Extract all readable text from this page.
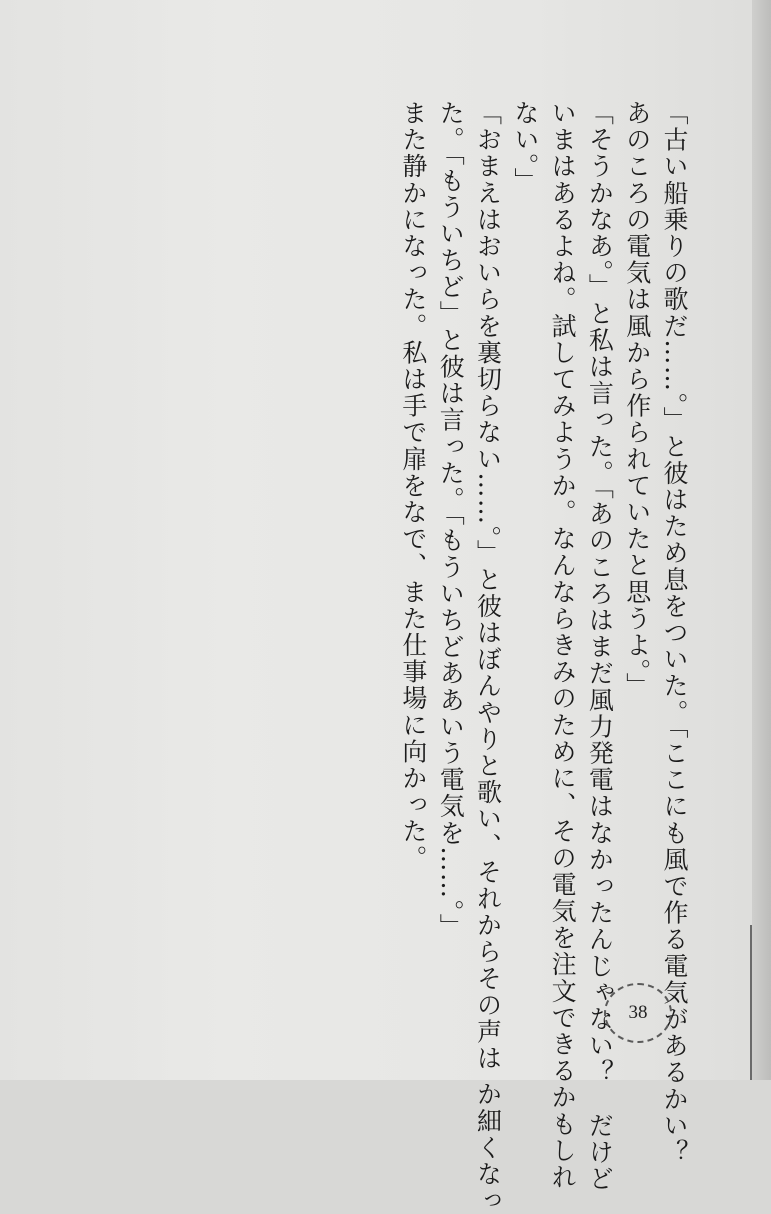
「古い船乗りの歌だ……。」と彼はため息をついた。「ここにも風で作る電気があるかい？

あのころの電気は風から作られていたと思うよ。」

「そうかなあ。」と私は言った。「あのころはまだ風力発電はなかったんじゃない？　だけど

いまはあるよね。試してみようか。なんならきみのために、その電気を注文できるかもしれ

ない。」

「おまえはおいらを裏切らない……。」と彼はぼんやりと歌い、それからその声は か細くなっ

た。「もういちど」と彼は言った。「もういちどああいう電気を……。」

また静かになった。私は手で扉をなで、また仕事場に向かった。

38
